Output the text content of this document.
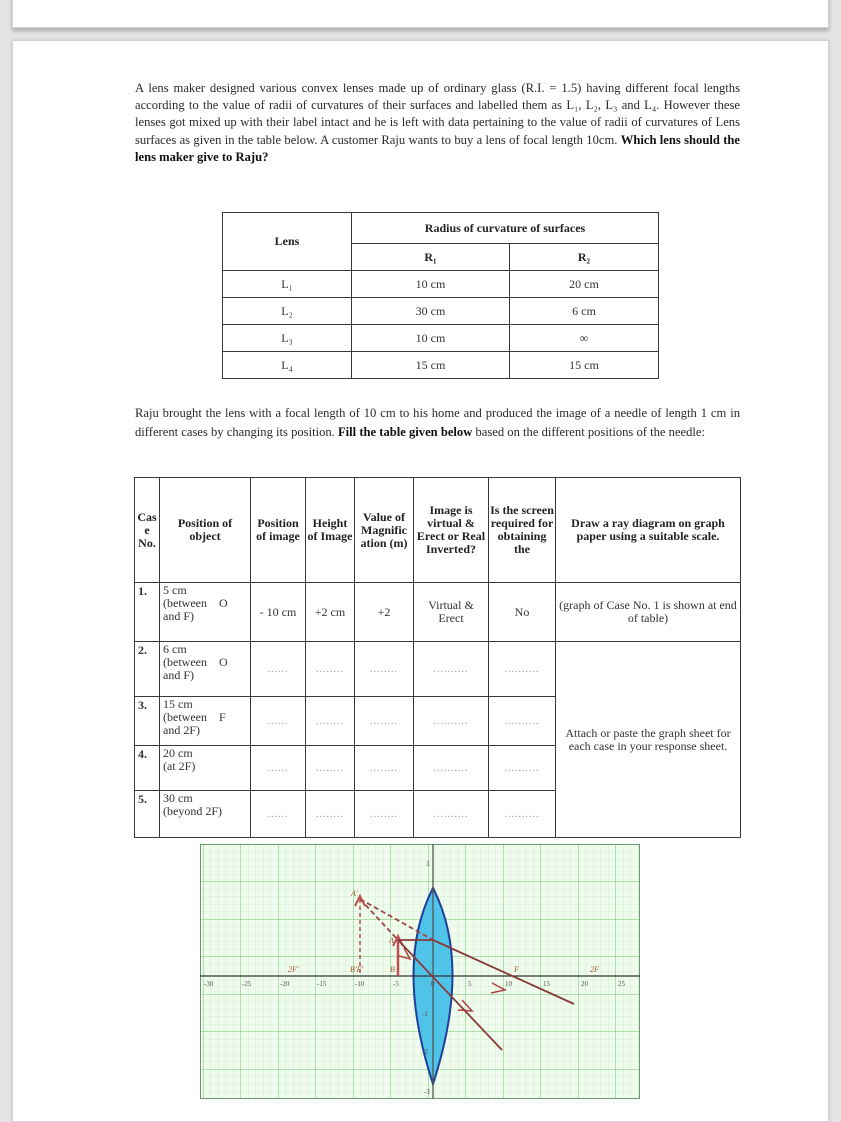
A lens maker designed various convex lenses made up of ordinary glass (R.I. = 1.5) having different focal lengths according to the value of radii of curvatures of their surfaces and labelled them as L₁, L₂, L₃ and L₄. However these lenses got mixed up with their label intact and he is left with data pertaining to the value of radii of curvatures of Lens surfaces as given in the table below. A customer Raju wants to buy a lens of focal length 10cm. Which lens should the lens maker give to Raju?
Lens	Radius of curvature of surfaces	
	R₁	R₂
L₁	10 cm	20 cm
L₂	30 cm	6 cm
L₃	10 cm	∞
L₄	15 cm	15 cm
Raju brought the lens with a focal length of 10 cm to his home and produced the image of a needle of length 1 cm in different cases by changing its position. Fill the table given below based on the different positions of the needle:
Cas e No.	Position of object	Position of image	Height of Image	Value of Magnific ation (m)	Image is virtual & Erect or Real Inverted?	Is the screen required for obtaining the	Draw a ray diagram on graph paper using a suitable scale.
1.	5 cm
(between    O
and F)	- 10 cm	+2 cm	+2	Virtual & Erect	No	(graph of Case No. 1 is shown at end of table)
2.	6 cm
(between    O
and F)	......	........	........	..........	..........	Attach or paste the graph sheet for each case in your response sheet.
3.	15 cm
(between    F
and 2F)	......	........	........	..........	..........	
4.	20 cm
(at 2F)	......	........	........	..........	..........	
5.	30 cm
(beyond 2F)	......	........	........	..........	..........	
-30	-25	-20	-15	-10	-5	0	5	10	15	20	25
2F'	B'F'
A'
A
B	F	2F
3
-1
-2
-3
